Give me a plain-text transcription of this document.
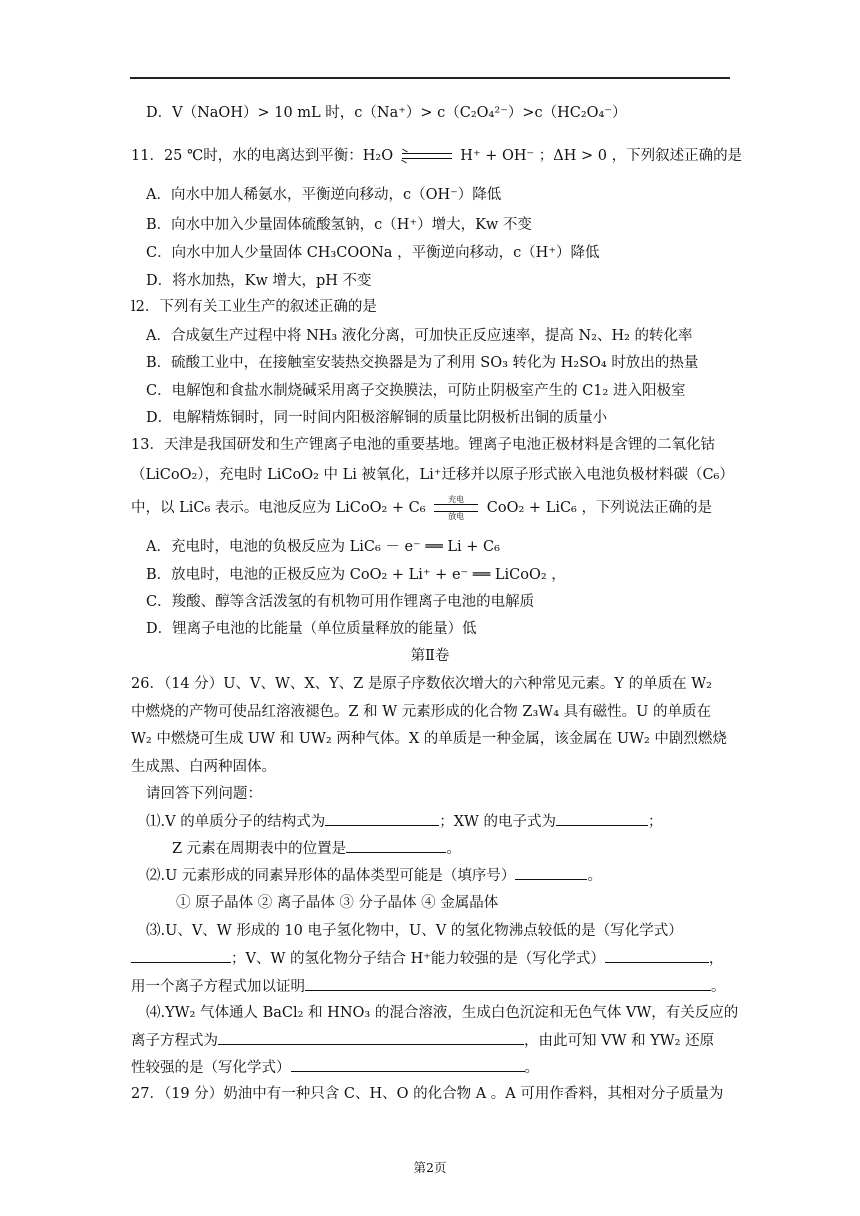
D．V（NaOH）> 10 mL 时，c（Na⁺）> c（C₂O₄²⁻）>c（HC₂O₄⁻）
11．25 ℃时，水的电离达到平衡：H₂O	H⁺ + OH⁻ ；ΔH > 0 ，下列叙述正确的是
A．向水中加人稀氨水，平衡逆向移动，c（OH⁻）降低
B．向水中加入少量固体硫酸氢钠，c（H⁺）增大，Kw 不变
C．向水中加人少量固体 CH₃COONa ，平衡逆向移动，c（H⁺）降低
D．将水加热，Kw 增大，pH 不变
l2．下列有关工业生产的叙述正确的是
A．合成氨生产过程中将 NH₃ 液化分离，可加快正反应速率，提高 N₂、H₂ 的转化率
B．硫酸工业中，在接触室安装热交换器是为了利用 SO₃ 转化为 H₂SO₄ 时放出的热量
C．电解饱和食盐水制烧碱采用离子交换膜法，可防止阴极室产生的 C1₂ 进入阳极室
D．电解精炼铜时，同一时间内阳极溶解铜的质量比阴极析出铜的质量小
13．天津是我国研发和生产锂离子电池的重要基地。锂离子电池正极材料是含锂的二氧化钴
（LiCoO₂），充电时 LiCoO₂ 中 Li 被氧化，Li⁺迁移并以原子形式嵌入电池负极材料碳（C₆）
中，以 LiC₆ 表示。电池反应为 LiCoO₂ + C₆
充电
放电
CoO₂ + LiC₆ ，下列说法正确的是
A．充电时，电池的负极反应为 LiC₆ － e⁻ ══ Li + C₆
B．放电时，电池的正极反应为 CoO₂ + Li⁺ + e⁻ ══ LiCoO₂ ，
C．羧酸、醇等含活泼氢的有机物可用作锂离子电池的电解质
D．锂离子电池的比能量（单位质量释放的能量）低
第Ⅱ卷
26．（14 分）U、V、W、X、Y、Z 是原子序数依次增大的六种常见元素。Y 的单质在 W₂
中燃烧的产物可使品红溶液褪色。Z 和 W 元素形成的化合物 Z₃W₄ 具有磁性。U 的单质在
W₂ 中燃烧可生成 UW 和 UW₂ 两种气体。X 的单质是一种金属，该金属在 UW₂ 中剧烈燃烧
生成黑、白两种固体。
请回答下列问题：
⑴.V 的单质分子的结构式为	；XW 的电子式为	；
Z 元素在周期表中的位置是	。
⑵.U 元素形成的同素异形体的晶体类型可能是（填序号）	。
① 原子晶体 ② 离子晶体 ③ 分子晶体 ④ 金属晶体
⑶.U、V、W 形成的 10 电子氢化物中，U、V 的氢化物沸点较低的是（写化学式）
；V、W 的氢化物分子结合 H⁺能力较强的是（写化学式）	，
用一个离子方程式加以证明	。
⑷.YW₂ 气体通人 BaCl₂ 和 HNO₃ 的混合溶液，生成白色沉淀和无色气体 VW，有关反应的
离子方程式为	，由此可知 VW 和 YW₂ 还原
性较强的是（写化学式）	。
27．（19 分）奶油中有一种只含 C、H、O 的化合物 A 。A 可用作香料，其相对分子质量为
第2页
